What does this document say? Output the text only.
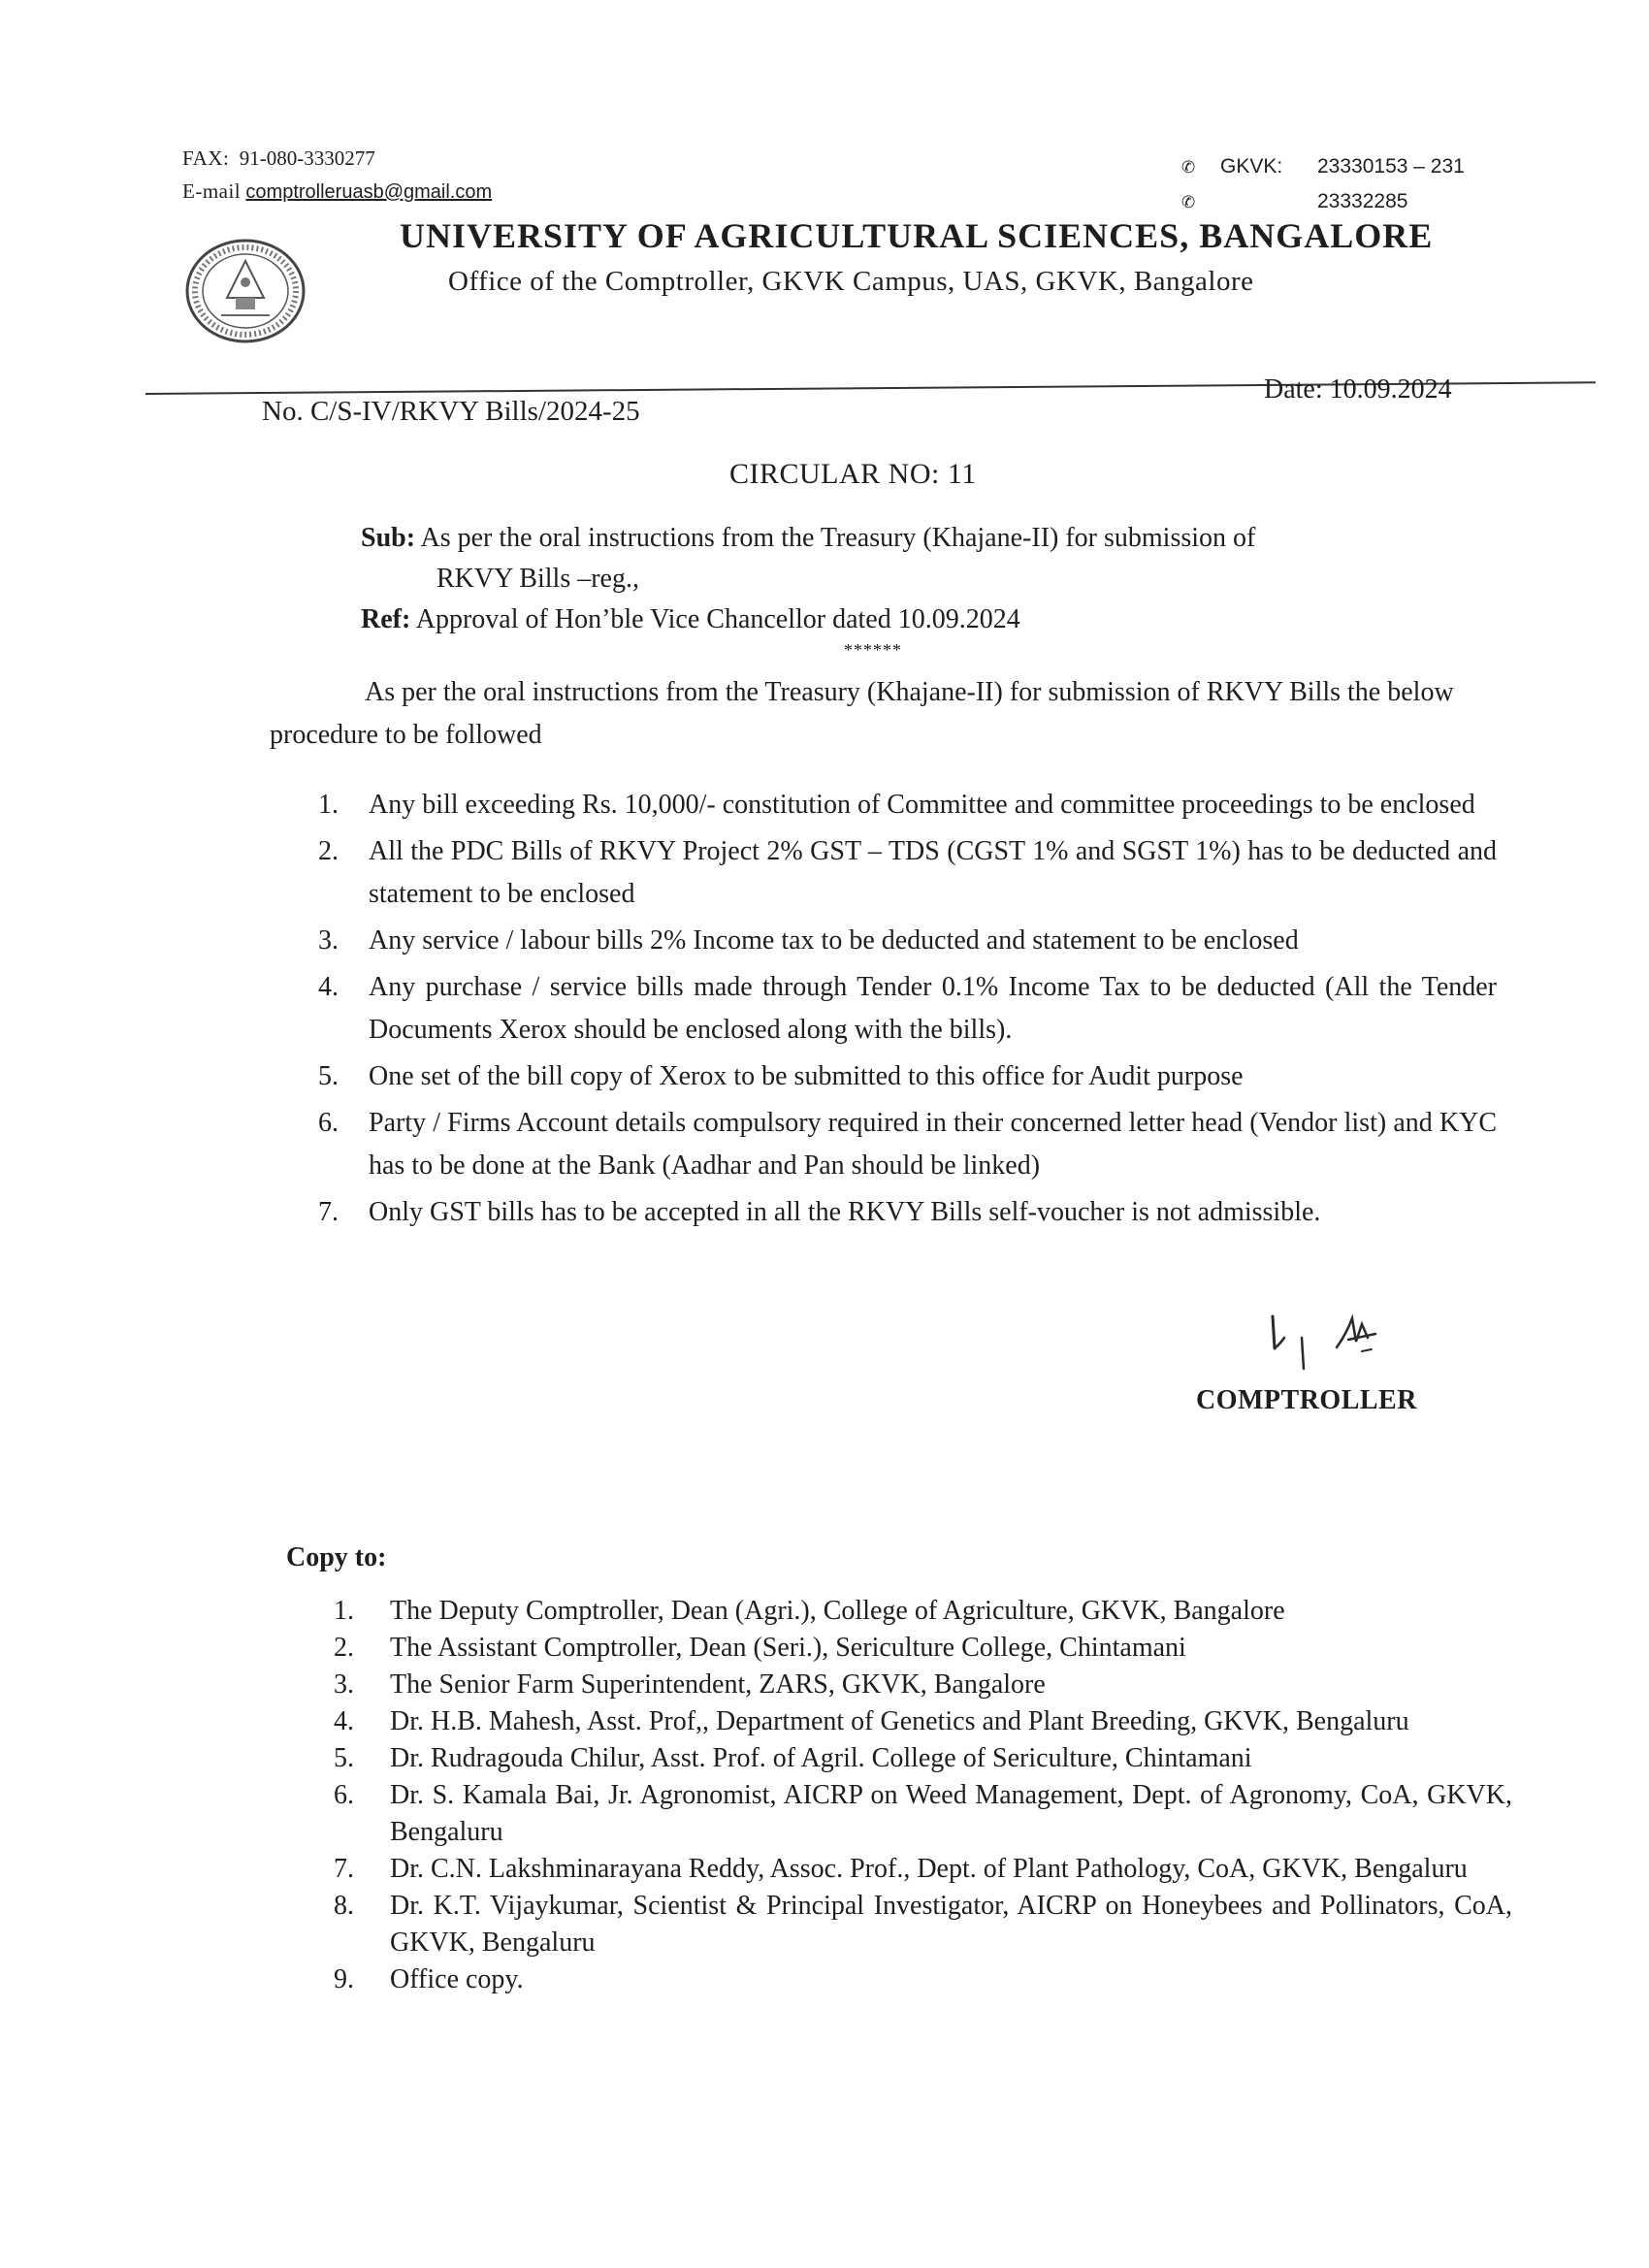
FAX: 91-080-3330277
E-mail comptrolleruasb@gmail.com
✆ GKVK: 23330153 – 231
✆	23332285
UNIVERSITY OF AGRICULTURAL SCIENCES, BANGALORE
Office of the Comptroller, GKVK Campus, UAS, GKVK, Bangalore
No. C/S-IV/RKVY Bills/2024-25
Date: 10.09.2024
CIRCULAR NO: 11
Sub: As per the oral instructions from the Treasury (Khajane-II) for submission of
RKVY Bills –reg.,
Ref: Approval of Hon’ble Vice Chancellor dated 10.09.2024
******
As per the oral instructions from the Treasury (Khajane-II) for submission of RKVY Bills the below procedure to be followed
1.	Any bill exceeding Rs. 10,000/- constitution of Committee and committee proceedings to be enclosed
2.	All the PDC Bills of RKVY Project 2% GST – TDS (CGST 1% and SGST 1%) has to be deducted and statement to be enclosed
3.	Any service / labour bills 2% Income tax to be deducted and statement to be enclosed
4.	Any purchase / service bills made through Tender 0.1% Income Tax to be deducted (All the Tender Documents Xerox should be enclosed along with the bills).
5.	One set of the bill copy of Xerox to be submitted to this office for Audit purpose
6.	Party / Firms Account details compulsory required in their concerned letter head (Vendor list) and KYC has to be done at the Bank (Aadhar and Pan should be linked)
7.	Only GST bills has to be accepted in all the RKVY Bills self-voucher is not admissible.
COMPTROLLER
Copy to:
1.	The Deputy Comptroller, Dean (Agri.), College of Agriculture, GKVK, Bangalore
2.	The Assistant Comptroller, Dean (Seri.), Sericulture College, Chintamani
3.	The Senior Farm Superintendent, ZARS, GKVK, Bangalore
4.	Dr. H.B. Mahesh, Asst. Prof,, Department of Genetics and Plant Breeding, GKVK, Bengaluru
5.	Dr. Rudragouda Chilur, Asst. Prof. of Agril. College of Sericulture, Chintamani
6.	Dr. S. Kamala Bai, Jr. Agronomist, AICRP on Weed Management, Dept. of Agronomy, CoA, GKVK, Bengaluru
7.	Dr. C.N. Lakshminarayana Reddy, Assoc. Prof., Dept. of Plant Pathology, CoA, GKVK, Bengaluru
8.	Dr. K.T. Vijaykumar, Scientist & Principal Investigator, AICRP on Honeybees and Pollinators, CoA, GKVK, Bengaluru
9.	Office copy.
